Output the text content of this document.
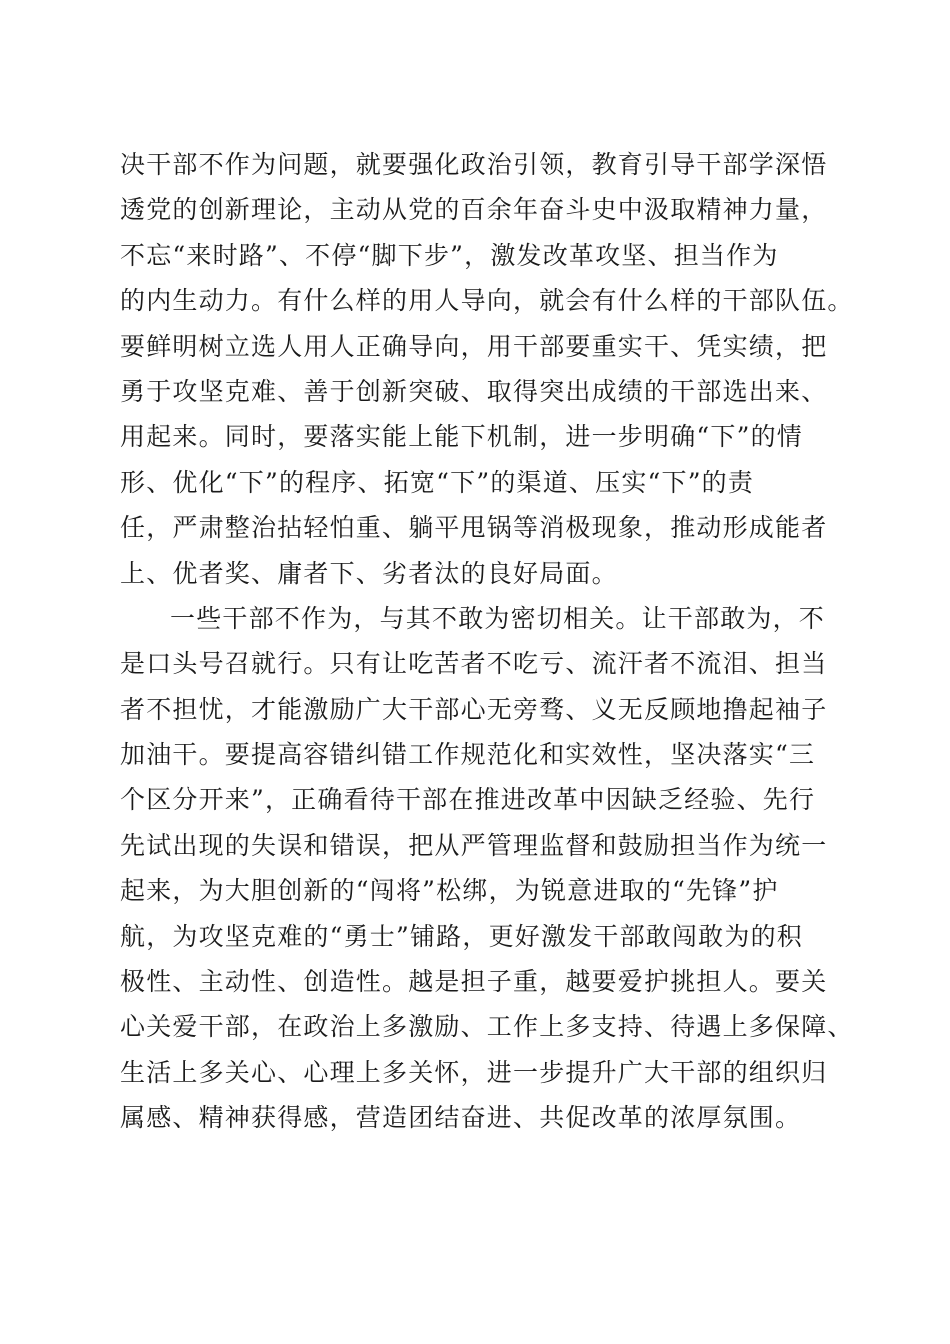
决干部不作为问题，就要强化政治引领，教育引导干部学深悟
透党的创新理论，主动从党的百余年奋斗史中汲取精神力量，
不忘“来时路”、不停“脚下步”，激发改革攻坚、担当作为
的内生动力。有什么样的用人导向，就会有什么样的干部队伍。
要鲜明树立选人用人正确导向，用干部要重实干、凭实绩，把
勇于攻坚克难、善于创新突破、取得突出成绩的干部选出来、
用起来。同时，要落实能上能下机制，进一步明确“下”的情
形、优化“下”的程序、拓宽“下”的渠道、压实“下”的责
任，严肃整治拈轻怕重、躺平甩锅等消极现象，推动形成能者
上、优者奖、庸者下、劣者汰的良好局面。
一些干部不作为，与其不敢为密切相关。让干部敢为，不
是口头号召就行。只有让吃苦者不吃亏、流汗者不流泪、担当
者不担忧，才能激励广大干部心无旁骛、义无反顾地撸起袖子
加油干。要提高容错纠错工作规范化和实效性，坚决落实“三
个区分开来”，正确看待干部在推进改革中因缺乏经验、先行
先试出现的失误和错误，把从严管理监督和鼓励担当作为统一
起来，为大胆创新的“闯将”松绑，为锐意进取的“先锋”护
航，为攻坚克难的“勇士”铺路，更好激发干部敢闯敢为的积
极性、主动性、创造性。越是担子重，越要爱护挑担人。要关
心关爱干部，在政治上多激励、工作上多支持、待遇上多保障、
生活上多关心、心理上多关怀，进一步提升广大干部的组织归
属感、精神获得感，营造团结奋进、共促改革的浓厚氛围。
